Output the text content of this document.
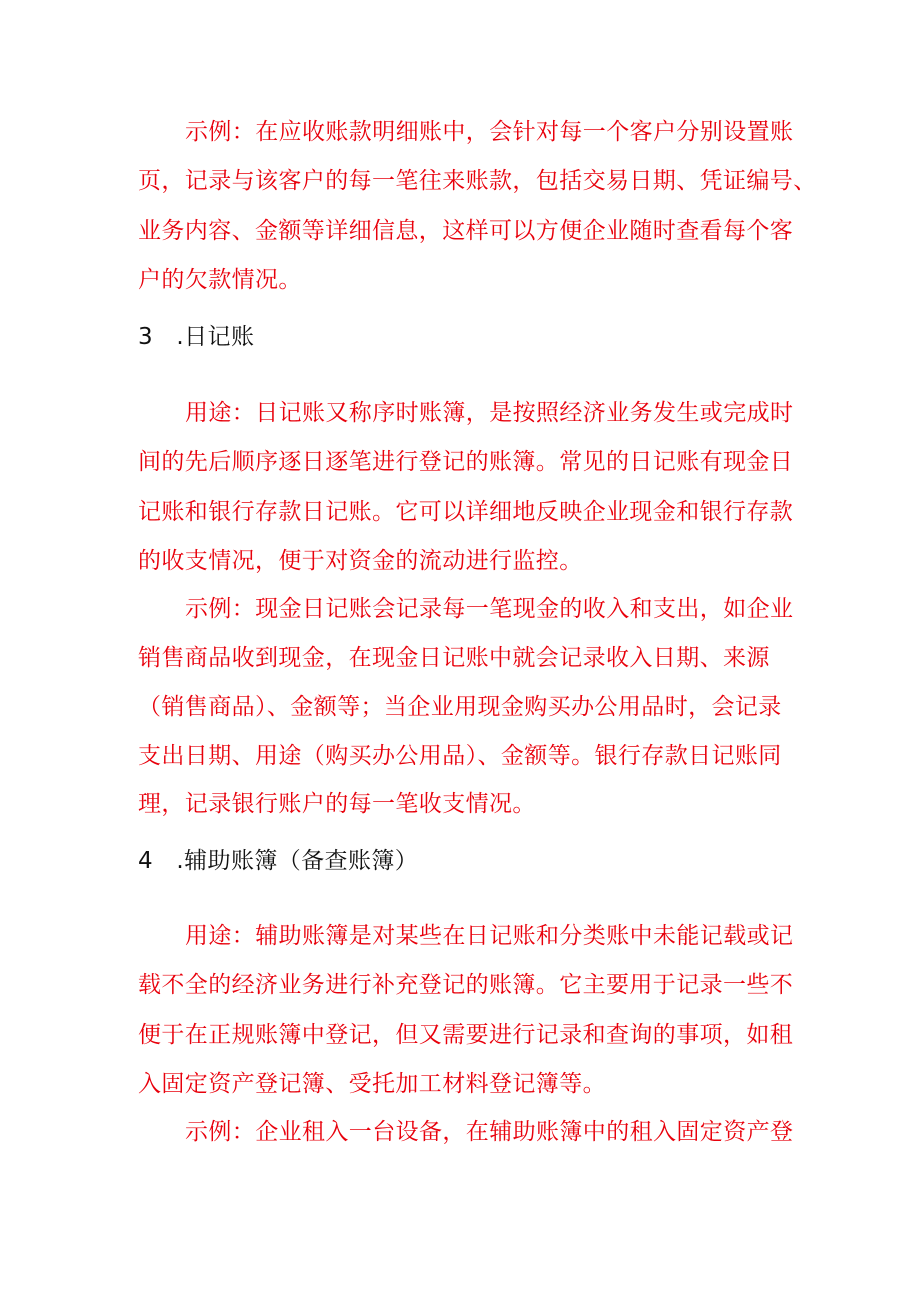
示例：在应收账款明细账中，会针对每一个客户分别设置账
页，记录与该客户的每一笔往来账款，包括交易日期、凭证编号、
业务内容、金额等详细信息，这样可以方便企业随时查看每个客
户的欠款情况。
3　.日记账
用途：日记账又称序时账簿，是按照经济业务发生或完成时
间的先后顺序逐日逐笔进行登记的账簿。常见的日记账有现金日
记账和银行存款日记账。它可以详细地反映企业现金和银行存款
的收支情况，便于对资金的流动进行监控。
示例：现金日记账会记录每一笔现金的收入和支出，如企业
销售商品收到现金，在现金日记账中就会记录收入日期、来源
（销售商品）、金额等；当企业用现金购买办公用品时，会记录
支出日期、用途（购买办公用品）、金额等。银行存款日记账同
理，记录银行账户的每一笔收支情况。
4　.辅助账簿（备查账簿）
用途：辅助账簿是对某些在日记账和分类账中未能记载或记
载不全的经济业务进行补充登记的账簿。它主要用于记录一些不
便于在正规账簿中登记，但又需要进行记录和查询的事项，如租
入固定资产登记簿、受托加工材料登记簿等。
示例：企业租入一台设备，在辅助账簿中的租入固定资产登
